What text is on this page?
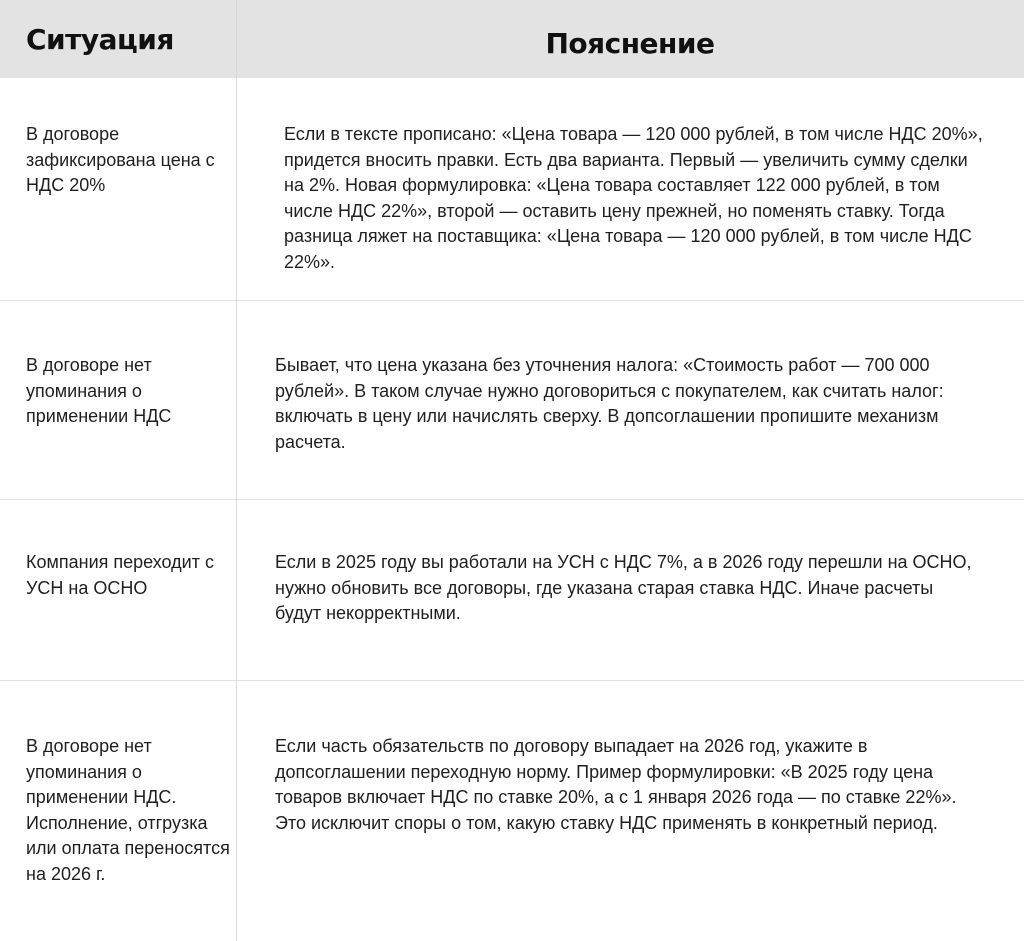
Ситуация	Пояснение
В договоре зафиксирована цена с НДС 20%
Если в тексте прописано: «Цена товара — 120 000 рублей, в том числе НДС 20%», придется вносить правки. Есть два варианта. Первый — увеличить сумму сделки на 2%. Новая формулировка: «Цена товара составляет 122 000 рублей, в том числе НДС 22%», второй — оставить цену прежней, но поменять ставку. Тогда разница ляжет на поставщика: «Цена товара — 120 000 рублей, в том числе НДС 22%».
В договоре нет упоминания о применении НДС
Бывает, что цена указана без уточнения налога: «Стоимость работ — 700 000 рублей». В таком случае нужно договориться с покупателем, как считать налог: включать в цену или начислять сверху. В допсоглашении пропишите механизм расчета.
Компания переходит с УСН на ОСНО
Если в 2025 году вы работали на УСН с НДС 7%, а в 2026 году перешли на ОСНО, нужно обновить все договоры, где указана старая ставка НДС. Иначе расчеты будут некорректными.
В договоре нет упоминания о применении НДС. Исполнение, отгрузка или оплата переносятся на 2026 г.
Если часть обязательств по договору выпадает на 2026 год, укажите в допсоглашении переходную норму. Пример формулировки: «В 2025 году цена товаров включает НДС по ставке 20%, а с 1 января 2026 года — по ставке 22%». Это исключит споры о том, какую ставку НДС применять в конкретный период.
